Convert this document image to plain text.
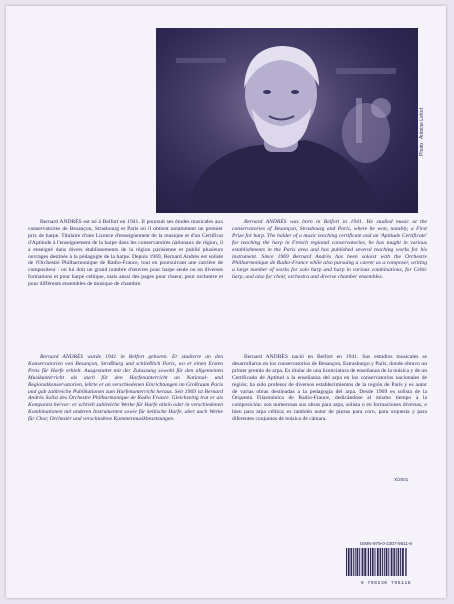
Photo : Antoine Lefort

Bernard ANDRÈS est né à Belfort en 1941. Il poursuit ses études musicales aux conservatoires de Besançon, Strasbourg et Paris où il obtient notamment un premier prix de harpe. Titulaire d'une Licence d'enseignement de la musique et d'un Certificat d'Aptitude à l'enseignement de la harpe dans les conservatoires nationaux de région, il a enseigné dans divers établissements de la région parisienne et publié plusieurs ouvrages destinés à la pédagogie de la harpe. Depuis 1969, Bernard Andrès est soliste de l'Orchestre Philharmonique de Radio-France, tout en poursuivant une carrière de compositeur : on lui doit un grand nombre d'œuvres pour harpe seule ou en diverses formations et pour harpe celtique, mais aussi des pages pour chœur, pour orchestre et pour différents ensembles de musique de chambre.

Bernard ANDRÈS was born in Belfort in 1941. He studied music at the conservatories of Besançon, Strasbourg and Paris, where he won, notably, a First Prize for harp. The holder of a music teaching certificate and an 'Aptitude Certificate' for teaching the harp in French regional conservatories, he has taught in various establishments in the Paris area and has published several teaching works for his instrument. Since 1969 Bernard Andrès has been soloist with the Orchestre Philharmonique de Radio-France while also pursuing a career as a composer, writing a large number of works for solo harp and harp in various combinations, for Celtic harp, and also for choir, orchestra and diverse chamber ensembles.

Bernard ANDRÈS wurde 1941 in Belfort geboren. Er studierte an den Konservatorien von Besançon, Straßburg und schließlich Paris, wo er einen Ersten Preis für Harfe erhielt. Ausgestattet mit der Zulassung sowohl für den allgemeinen Musikunterricht als auch für den Harfenunterricht an National- und Regionalkonservatorien, lehrte er an verschiedenen Einrichtungen im Großraum Paris und gab zahlreiche Publikationen zum Harfenunterricht heraus. Seit 1969 ist Bernard Andrès Solist des Orchestre Philharmonique de Radio France. Gleichzeitig trat er als Komponist hervor: er schrieb zahlreiche Werke für Harfe allein oder in verschiedenen Kombinationen mit anderen Instrumenten sowie für keltische Harfe, aber auch Werke für Chor, Orchester und verschiedene Kammermusikbesetzungen.

Bernard ANDRÈS nació en Belfort en 1941. Sus estudios musicales se desarrollaron en los conservatorios de Besançon, Estrasburgo y París, donde obtuvo un primer premio de arpa. Es titular de una licenciatura de enseñanza de la música y de un Certificado de Aptitud a la enseñanza del arpa en los conservatorios nacionales de región; ha sido profesor de diversos establecimientos de la región de París y es autor de varias obras destinadas a la pedagogía del arpa. Desde 1969 es solista de la Orquesta Filarmónica de Radio-France, dedicándose al mismo tiempo a la composición: son numerosas sus obras para arpa, solista o en formaciones diversas, o bien para arpa céltica; es también autor de piezas para coro, para orquesta y para diferentes conjuntos de música de cámara.

X/2001
ISMN-979-0-2307-9611-8
9 790230 796118
